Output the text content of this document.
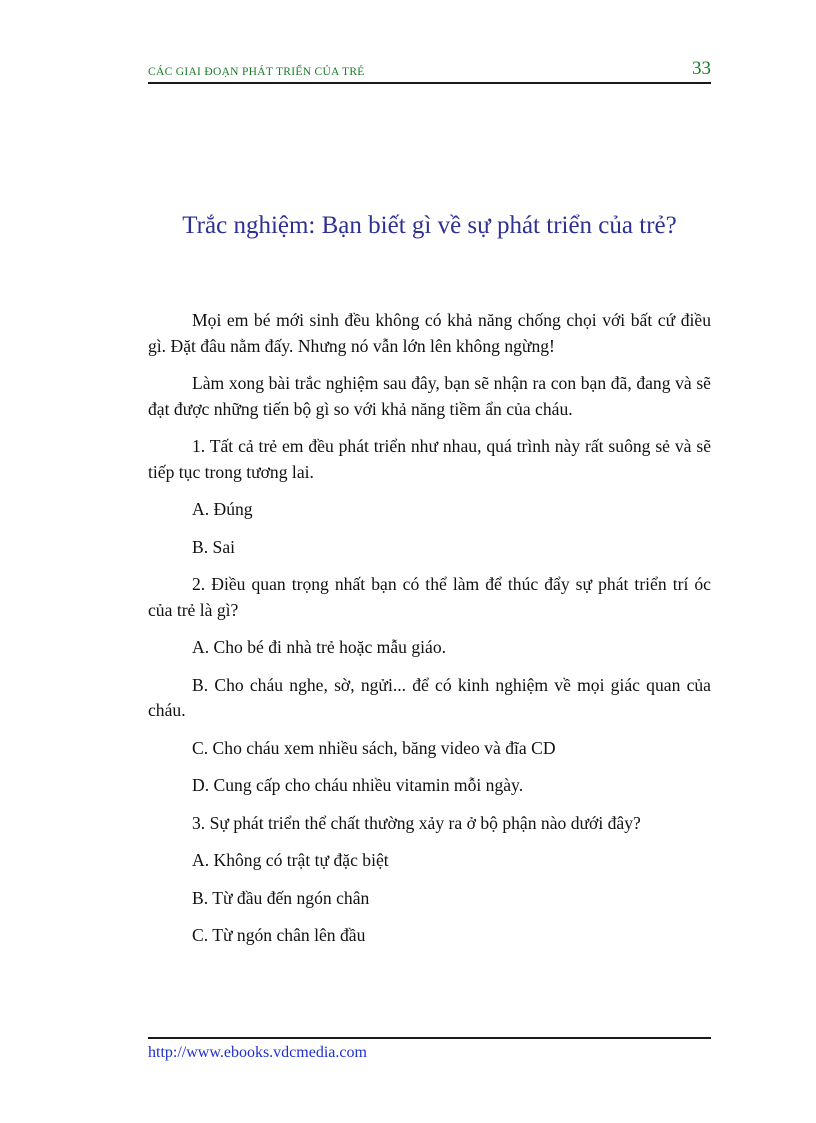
CÁC GIAI ĐOẠN PHÁT TRIỂN CỦA TRẺ	33
Trắc nghiệm: Bạn biết gì về sự phát triển của trẻ?

Mọi em bé mới sinh đều không có khả năng chống chọi với bất cứ điều gì. Đặt đâu nằm đấy. Nhưng nó vẫn lớn lên không ngừng!

Làm xong bài trắc nghiệm sau đây, bạn sẽ nhận ra con bạn đã, đang và sẽ đạt được những tiến bộ gì so với khả năng tiềm ẩn của cháu.

1. Tất cả trẻ em đều phát triển như nhau, quá trình này rất suông sẻ và sẽ tiếp tục trong tương lai.

A. Đúng

B. Sai

2. Điều quan trọng nhất bạn có thể làm để thúc đẩy sự phát triển trí óc của trẻ là gì?

A. Cho bé đi nhà trẻ hoặc mẫu giáo.

B. Cho cháu nghe, sờ, ngửi... để có kinh nghiệm về mọi giác quan của cháu.

C. Cho cháu xem nhiều sách, băng video và đĩa CD

D. Cung cấp cho cháu nhiều vitamin mỗi ngày.

3. Sự phát triển thể chất thường xảy ra ở bộ phận nào dưới đây?

A. Không có trật tự đặc biệt

B. Từ đầu đến ngón chân

C. Từ ngón chân lên đầu

http://www.ebooks.vdcmedia.com
